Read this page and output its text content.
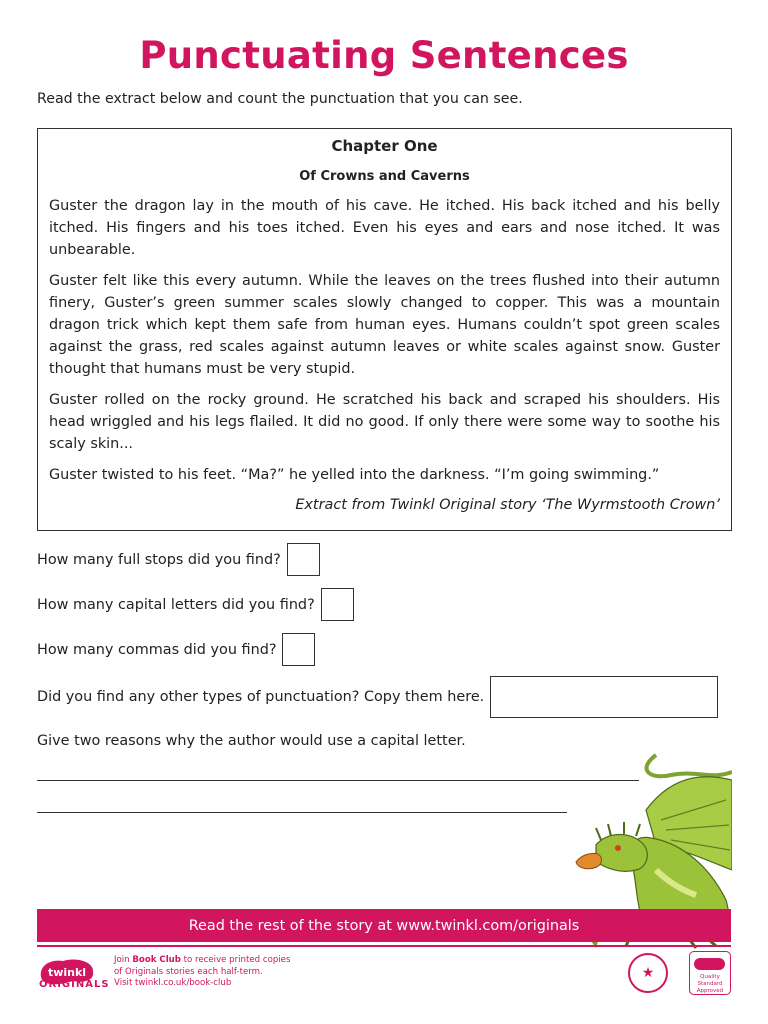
Punctuating Sentences
Read the extract below and count the punctuation that you can see.
Chapter One
Of Crowns and Caverns

Guster the dragon lay in the mouth of his cave. He itched. His back itched and his belly itched. His fingers and his toes itched. Even his eyes and ears and nose itched. It was unbearable.

Guster felt like this every autumn. While the leaves on the trees flushed into their autumn finery, Guster’s green summer scales slowly changed to copper. This was a mountain dragon trick which kept them safe from human eyes. Humans couldn’t spot green scales against the grass, red scales against autumn leaves or white scales against snow. Guster thought that humans must be very stupid.

Guster rolled on the rocky ground. He scratched his back and scraped his shoulders. His head wriggled and his legs flailed. It did no good. If only there were some way to soothe his scaly skin...

Guster twisted to his feet. “Ma?” he yelled into the darkness. “I’m going swimming.”

Extract from Twinkl Original story ‘The Wyrmstooth Crown’
How many full stops did you find?
How many capital letters did you find?
How many commas did you find?
Did you find any other types of punctuation? Copy them here.
Give two reasons why the author would use a capital letter.
Read the rest of the story at www.twinkl.com/originals
twinkl
ORIGINALS
Join Book Club to receive printed copies
of Originals stories each half-term.
Visit twinkl.co.uk/book-club
★	Quality Standard Approved
